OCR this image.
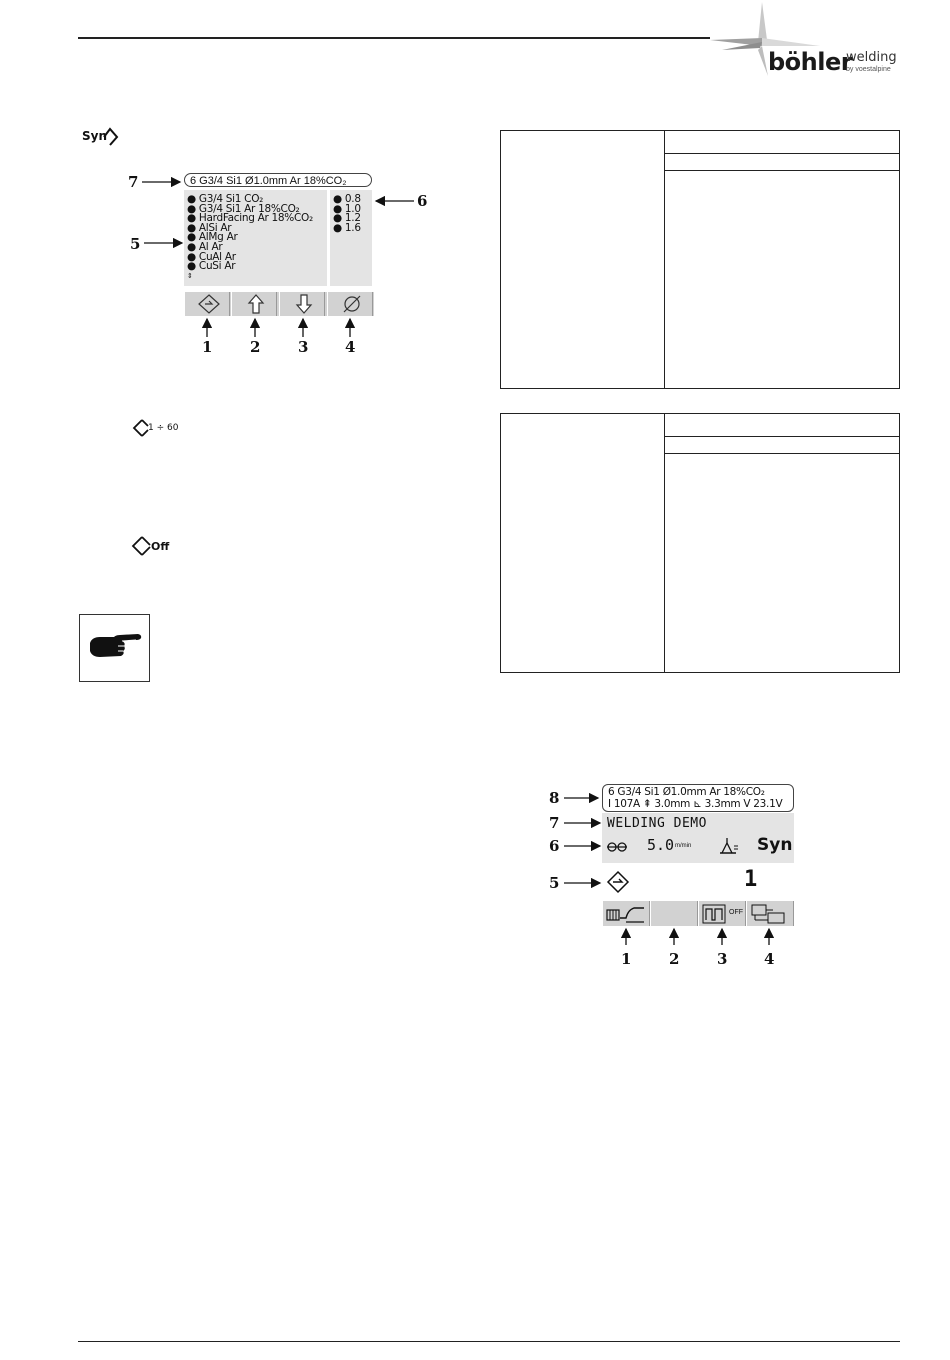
böhler
welding
by voestalpine
Syn
6 G3/4 Si1 Ø1.0mm Ar 18%CO₂
● G3/4 Si1 CO₂
● G3/4 Si1 Ar 18%CO₂
● HardFacing Ar 18%CO₂
● AlSi Ar
● AlMg Ar
● Al Ar
● CuAl Ar
● CuSi Ar
⇕
● 0.8
● 1.0
● 1.2
● 1.6
7
5
6
1	2	3 4
1 ÷ 60
Off
6 G3/4 Si1 Ø1.0mm Ar 18%CO₂
I 107A ⇞ 3.0mm ⊾ 3.3mm V 23.1V
WELDING DEMO
5.0 m/min	Syn
1
OFF
8
7
6
5
1	2	3 4
